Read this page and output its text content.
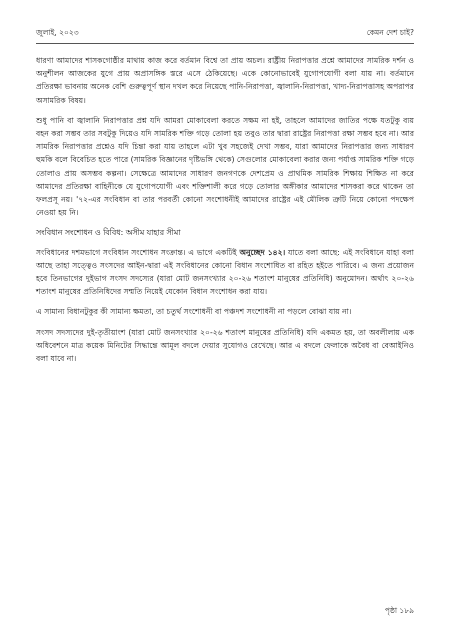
জুলাই, ২০২৩	কেমন দেশ চাই?

ধারণা আমাদের শাসকগোষ্ঠীর মাথায় কাজ করে বর্তমান বিশ্বে তা প্রায় অচল। রাষ্ট্রীয় নিরাপত্তার প্রশ্নে আমাদের সামরিক দর্শন ও অনুশীলন আজকের যুগে প্রায় অপ্রাসঙ্গিক স্তরে এসে ঠেকিয়েছে। একে কোনোভাবেই যুগোপযোগী বলা যায় না। বর্তমানে প্রতিরক্ষা ভাবনায় অনেক বেশি গুরুত্বপূর্ণ স্থান দখল করে নিয়েছে পানি-নিরাপত্তা, জ্বালানি-নিরাপত্তা, খাদ্য-নিরাপত্তাসহ অপরাপর অসামরিক বিষয়।

শুধু পানি বা জ্বালানি নিরাপত্তার প্রশ্ন যদি আমরা মোকাবেলা করতে সক্ষম না হই, তাহলে আমাদের জাতির পক্ষে যতটুকু ব্যয় বহন করা সম্ভব তার সবটুকু দিয়েও যদি সামরিক শক্তি গড়ে তোলা হয় তবুও তার দ্বারা রাষ্ট্রের নিরাপত্তা রক্ষা সম্ভব হবে না। আর সামরিক নিরাপত্তার প্রশ্নেও যদি চিন্তা করা যায় তাহলে এটা খুব সহজেই দেখা সম্ভব, যারা আমাদের নিরাপত্তার জন্য সাধারণ হুমকি বলে বিবেচিত হতে পারে (সামরিক বিজ্ঞানের দৃষ্টিভঙ্গি থেকে) সেগুলোর মোকাবেলা করার জন্য পর্যাপ্ত সামরিক শক্তি গড়ে তোলাও প্রায় অসম্ভব কল্পনা। সেক্ষেত্রে আমাদের সাধারণ জনগণকে দেশপ্রেম ও প্রাথমিক সামরিক শিক্ষায় শিক্ষিত না করে আমাদের প্রতিরক্ষা বাহিনীকে যে যুগোপযোগী এবং শক্তিশালী করে গড়ে তোলার অঙ্গীকার আমাদের শাসকরা করে থাকেন তা ফলপ্রসূ নয়। '৭২-এর সংবিধান বা তার পরবর্তী কোনো সংশোধনীই আমাদের রাষ্ট্রের এই মৌলিক ত্রুটি নিয়ে কোনো পদক্ষেপ নেওয়া হয় নি।

সংবিধান সংশোধন ও বিবিধ: অসীম যাহার সীমা

সংবিধানের দশমভাগে সংবিধান সংশোধন সংক্রান্ত। এ ভাগে একটিই অনুচ্ছেদ ১৪২। যাতে বলা আছে: এই সংবিধানে যাহা বলা আছে তাহা সত্ত্বেও সংসদের আইন-দ্বারা এই সংবিধানের কোনো বিধান সংশোধিত বা রহিত হইতে পারিবে। এ জন্য প্রয়োজন হবে তিনভাগের দুইভাগ সংসদ সদস্যের (যারা মোট জনসংখ্যার ২০-২৬ শতাংশ মানুষের প্রতিনিধি) অনুমোদন। অর্থাৎ ২০-২৬ শতাংশ মানুষের প্রতিনিধিদের সম্মতি নিয়েই যেকোন বিধান সংশোধন করা যায়।

এ সামান্য বিধানটুকুর কী সামান্য ক্ষমতা, তা চতুর্থ সংশোধনী বা পঞ্চদশ সংশোধনী না পড়লে বোঝা যায় না।

সংসদ সদস্যদের দুই-তৃতীয়াংশ (যারা মোট জনসংখ্যার ২০-২৬ শতাংশ মানুষের প্রতিনিধি) যদি একমত হয়, তা অবলীলায় এক অধিবেশনে মাত্র কয়েক মিনিটের সিদ্ধান্তে আমূল বদলে দেয়ার সুযোগও রেখেছে। আর এ বদলে ফেলাকে অবৈধ বা বেআইনিও বলা যাবে না।

পৃষ্ঠা ১৮৯
